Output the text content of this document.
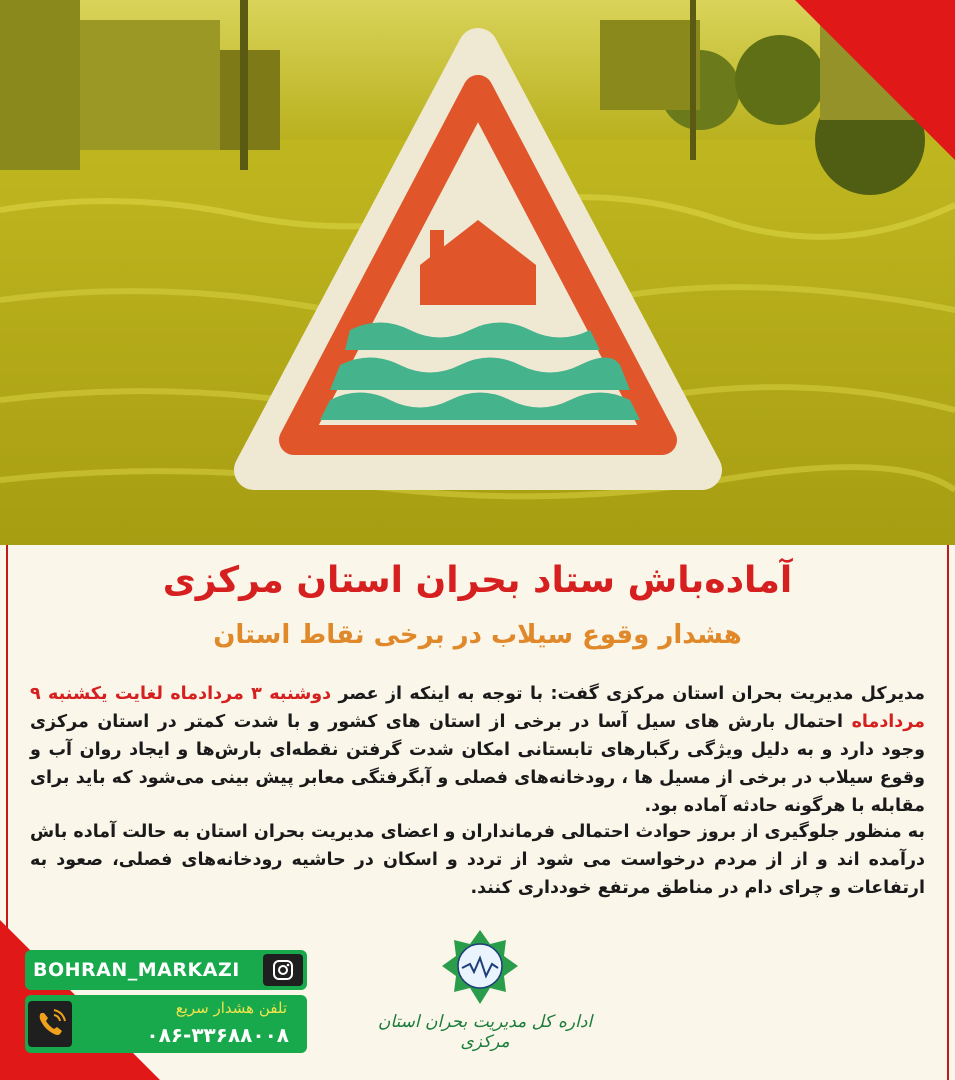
آماده‌باش ستاد بحران استان مرکزی
هشدار وقوع سیلاب در برخی نقاط استان
مدیرکل مدیریت بحران استان مرکزی گفت: با توجه به اینکه از عصر دوشنبه ۳ مردادماه لغایت یکشنبه ۹ مردادماه احتمال بارش های سیل آسا در برخی از استان های کشور و با شدت کمتر در استان مرکزی وجود دارد و به دلیل ویژگی رگبارهای تابستانی امکان شدت گرفتن نقطه‌ای بارش‌ها و ایجاد روان آب و وقوع سیلاب در برخی از مسیل ها ، رودخانه‌های فصلی و آبگرفتگی معابر پیش بینی می‌شود که باید برای مقابله با هرگونه حادثه آماده بود.
به منظور جلوگیری از بروز حوادث احتمالی فرمانداران و اعضای مدیریت بحران استان به حالت آماده باش درآمده اند و از از مردم درخواست می شود از تردد و اسکان در حاشیه رودخانه‌های فصلی، صعود به ارتفاعات و چرای دام در مناطق مرتفع خودداری کنند.
BOHRAN_MARKAZI
تلفن هشدار سریع
۰۸۶-۳۳۶۸۸۰۰۸
اداره کل مدیریت بحران استان مرکزی
